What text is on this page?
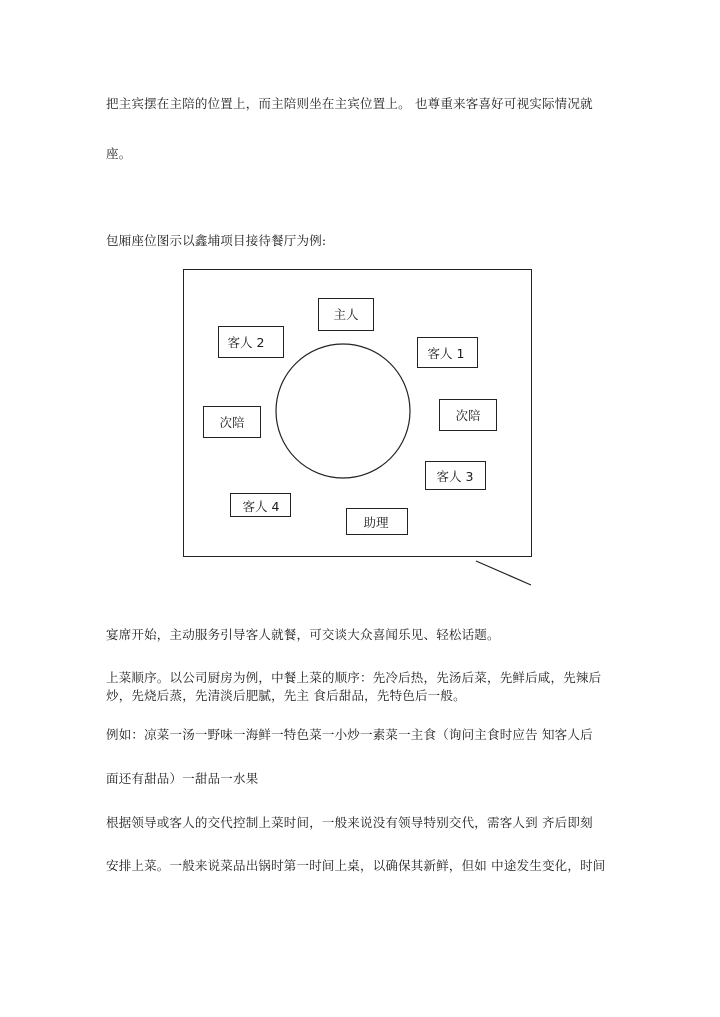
把主宾摆在主陪的位置上，而主陪则坐在主宾位置上。 也尊重来客喜好可视实际情况就
座。
包厢座位图示以鑫埔项目接待餐厅为例:
主人
客人 2
客人 1
次陪	次陪
客人 3
客人 4
助理
宴席开始，主动服务引导客人就餐，可交谈大众喜闻乐见、轻松话题。
上菜顺序。以公司厨房为例，中餐上菜的顺序：先冷后热，先汤后菜，先鲜后咸，先辣后
炒，先烧后蒸，先清淡后肥腻，先主 食后甜品，先特色后一般。
例如：凉菜一汤一野味一海鲜一特色菜一小炒一素菜一主食（询问主食时应告 知客人后
面还有甜品）一甜品一水果
根据领导或客人的交代控制上菜时间，一般来说没有领导特别交代，需客人到 齐后即刻
安排上菜。一般来说菜品出锅时第一时间上桌，以确保其新鲜，但如 中途发生变化，时间
